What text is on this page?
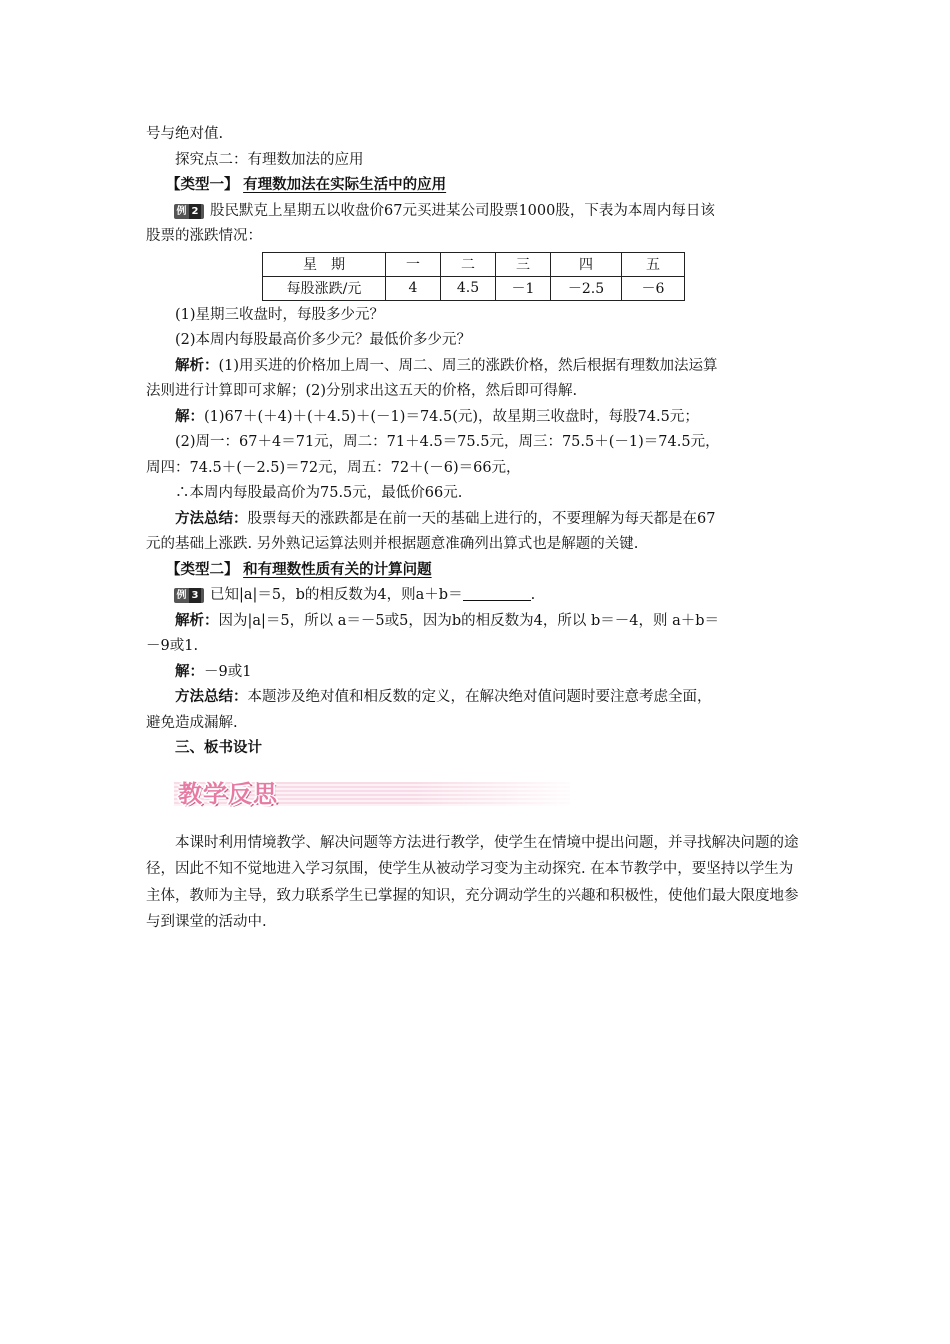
号与绝对值.
探究点二：有理数加法的应用
【类型一】 有理数加法在实际生活中的应用
例 2 股民默克上星期五以收盘价67元买进某公司股票1000股，下表为本周内每日该
股票的涨跌情况：
星　期	一	二	三	四	五
每股涨跌/元	4	4.5	－1	－2.5	－6
(1)星期三收盘时，每股多少元？
(2)本周内每股最高价多少元？最低价多少元？
解析：(1)用买进的价格加上周一、周二、周三的涨跌价格，然后根据有理数加法运算
法则进行计算即可求解；(2)分别求出这五天的价格，然后即可得解.
解：(1)67＋(＋4)＋(＋4.5)＋(－1)＝74.5(元)，故星期三收盘时，每股74.5元；
(2)周一：67＋4＝71元，周二：71＋4.5＝75.5元，周三：75.5＋(－1)＝74.5元，
周四：74.5＋(－2.5)＝72元，周五：72＋(－6)＝66元，
∴本周内每股最高价为75.5元，最低价66元.
方法总结：股票每天的涨跌都是在前一天的基础上进行的，不要理解为每天都是在67
元的基础上涨跌. 另外熟记运算法则并根据题意准确列出算式也是解题的关键.
【类型二】 和有理数性质有关的计算问题
例 3 已知|a|＝5，b的相反数为4，则a＋b＝	.
解析：因为|a|＝5，所以 a＝－5或5，因为b的相反数为4，所以 b＝－4，则 a＋b＝
－9或1.
解：－9或1
方法总结：本题涉及绝对值和相反数的定义，在解决绝对值问题时要注意考虑全面，
避免造成漏解.
三、板书设计
教学反思
本课时利用情境教学、解决问题等方法进行教学，使学生在情境中提出问题，并寻找解决问题的途径，因此不知不觉地进入学习氛围，使学生从被动学习变为主动探究. 在本节教学中，要坚持以学生为主体，教师为主导，致力联系学生已掌握的知识，充分调动学生的兴趣和积极性，使他们最大限度地参与到课堂的活动中.
